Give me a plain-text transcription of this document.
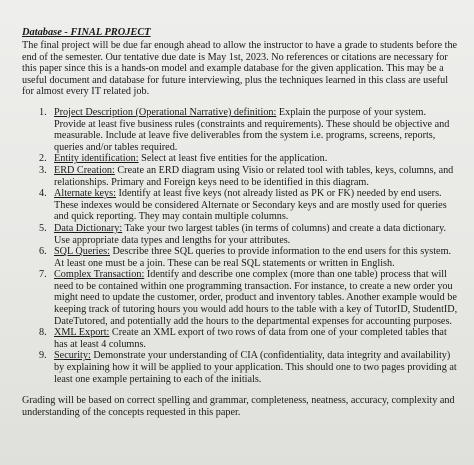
Database - FINAL PROJECT
The final project will be due far enough ahead to allow the instructor to have a grade to students before the end of the semester. Our tentative due date is May 1st, 2023. No references or citations are necessary for this paper since this is a hands-on model and example database for the given application. This may be a useful document and database for future interviewing, plus the techniques learned in this class are useful for almost every IT related job.
1. Project Description (Operational Narrative) definition: Explain the purpose of your system. Provide at least five business rules (constraints and requirements). These should be objective and measurable. Include at leave five deliverables from the system i.e. programs, screens, reports, queries and/or tables required.
2. Entity identification: Select at least five entities for the application.
3. ERD Creation: Create an ERD diagram using Visio or related tool with tables, keys, columns, and relationships. Primary and Foreign keys need to be identified in this diagram.
4. Alternate keys: Identify at least five keys (not already listed as PK or FK) needed by end users. These indexes would be considered Alternate or Secondary keys and are mostly used for queries and quick reporting. They may contain multiple columns.
5. Data Dictionary: Take your two largest tables (in terms of columns) and create a data dictionary. Use appropriate data types and lengths for your attributes.
6. SQL Queries: Describe three SQL queries to provide information to the end users for this system. At least one must be a join. These can be real SQL statements or written in English.
7. Complex Transaction: Identify and describe one complex (more than one table) process that will need to be contained within one programming transaction. For instance, to create a new order you might need to update the customer, order, product and inventory tables. Another example would be keeping track of tutoring hours you would add hours to the table with a key of TutorID, StudentID, DateTutored, and potentially add the hours to the departmental expenses for accounting purposes.
8. XML Export: Create an XML export of two rows of data from one of your completed tables that has at least 4 columns.
9. Security: Demonstrate your understanding of CIA (confidentiality, data integrity and availability) by explaining how it will be applied to your application. This should one to two pages providing at least one example pertaining to each of the initials.
Grading will be based on correct spelling and grammar, completeness, neatness, accuracy, complexity and understanding of the concepts requested in this paper.
